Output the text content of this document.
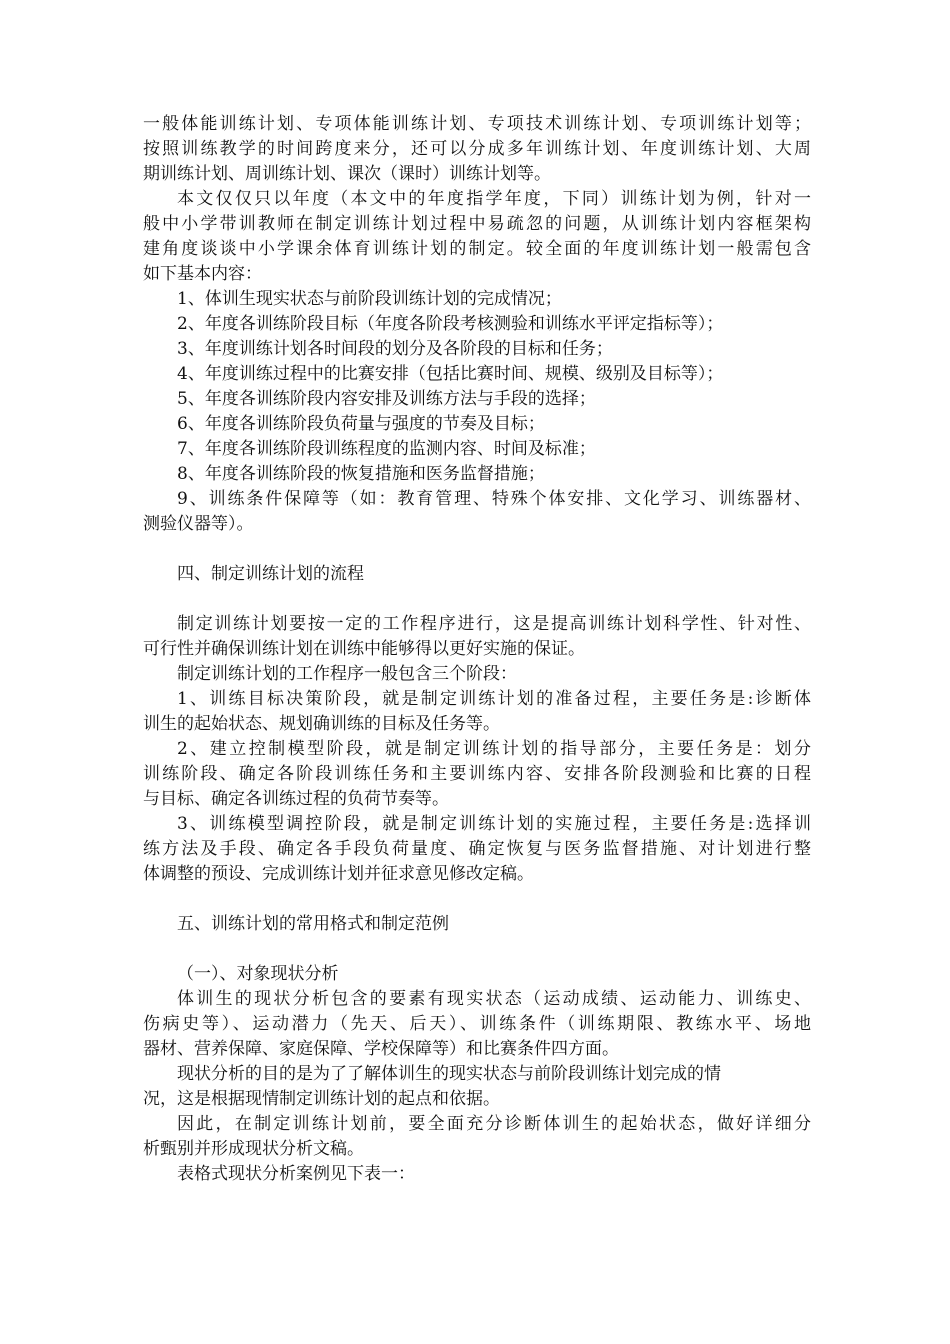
一般体能训练计划、专项体能训练计划、专项技术训练计划、专项训练计划等；
按照训练教学的时间跨度来分，还可以分成多年训练计划、年度训练计划、大周
期训练计划、周训练计划、课次（课时）训练计划等。
本文仅仅只以年度（本文中的年度指学年度，下同）训练计划为例，针对一
般中小学带训教师在制定训练计划过程中易疏忽的问题，从训练计划内容框架构
建角度谈谈中小学课余体育训练计划的制定。较全面的年度训练计划一般需包含
如下基本内容：
1、体训生现实状态与前阶段训练计划的完成情况；
2、年度各训练阶段目标（年度各阶段考核测验和训练水平评定指标等）；
3、年度训练计划各时间段的划分及各阶段的目标和任务；
4、年度训练过程中的比赛安排（包括比赛时间、规模、级别及目标等）；
5、年度各训练阶段内容安排及训练方法与手段的选择；
6、年度各训练阶段负荷量与强度的节奏及目标；
7、年度各训练阶段训练程度的监测内容、时间及标准；
8、年度各训练阶段的恢复措施和医务监督措施；
9、训练条件保障等（如：教育管理、特殊个体安排、文化学习、训练器材、
测验仪器等）。
四、制定训练计划的流程
制定训练计划要按一定的工作程序进行，这是提高训练计划科学性、针对性、
可行性并确保训练计划在训练中能够得以更好实施的保证。
制定训练计划的工作程序一般包含三个阶段：
1、训练目标决策阶段，就是制定训练计划的准备过程，主要任务是:诊断体
训生的起始状态、规划确训练的目标及任务等。
2、建立控制模型阶段，就是制定训练计划的指导部分，主要任务是：划分
训练阶段、确定各阶段训练任务和主要训练内容、安排各阶段测验和比赛的日程
与目标、确定各训练过程的负荷节奏等。
3、训练模型调控阶段，就是制定训练计划的实施过程，主要任务是:选择训
练方法及手段、确定各手段负荷量度、确定恢复与医务监督措施、对计划进行整
体调整的预设、完成训练计划并征求意见修改定稿。
五、训练计划的常用格式和制定范例
（一）、对象现状分析
体训生的现状分析包含的要素有现实状态（运动成绩、运动能力、训练史、
伤病史等）、运动潜力（先天、后天）、训练条件（训练期限、教练水平、场地
器材、营养保障、家庭保障、学校保障等）和比赛条件四方面。
现状分析的目的是为了了解体训生的现实状态与前阶段训练计划完成的情
况，这是根据现情制定训练计划的起点和依据。
因此，在制定训练计划前，要全面充分诊断体训生的起始状态，做好详细分
析甄别并形成现状分析文稿。
表格式现状分析案例见下表一：
